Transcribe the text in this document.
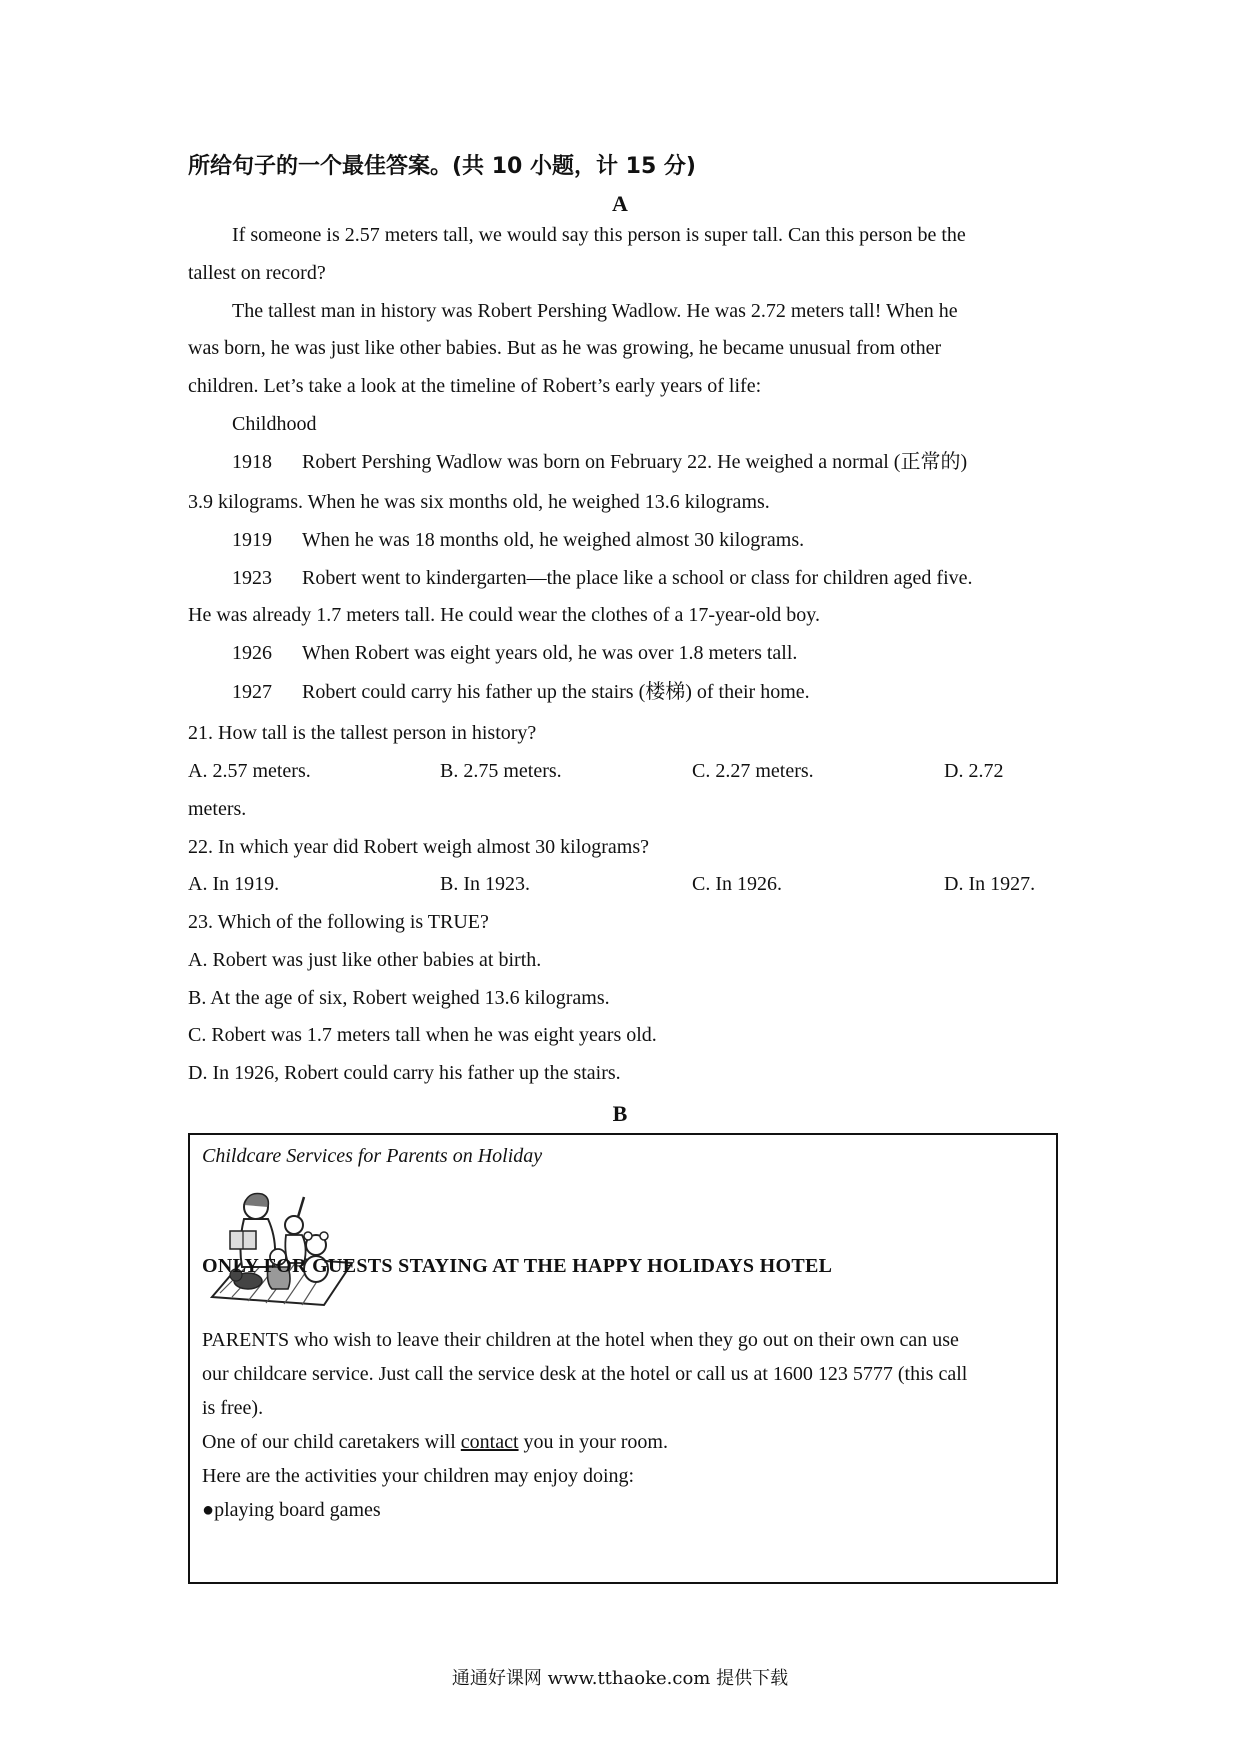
所给句子的一个最佳答案。(共 10 小题，计 15 分)
A
If someone is 2.57 meters tall, we would say this person is super tall. Can this person be the
tallest on record?
The tallest man in history was Robert Pershing Wadlow. He was 2.72 meters tall! When he
was born, he was just like other babies. But as he was growing, he became unusual from other
children. Let’s take a look at the timeline of Robert’s early years of life:
Childhood
1918 Robert Pershing Wadlow was born on February 22. He weighed a normal (正常的)
3.9 kilograms. When he was six months old, he weighed 13.6 kilograms.
1919 When he was 18 months old, he weighed almost 30 kilograms.
1923 Robert went to kindergarten—the place like a school or class for children aged five.
He was already 1.7 meters tall. He could wear the clothes of a 17-year-old boy.
1926 When Robert was eight years old, he was over 1.8 meters tall.
1927 Robert could carry his father up the stairs (楼梯) of their home.
21. How tall is the tallest person in history?
A. 2.57 meters.	B. 2.75 meters.	C. 2.27 meters.	D. 2.72
meters.
22. In which year did Robert weigh almost 30 kilograms?
A. In 1919.	B. In 1923.	C. In 1926.	D. In 1927.
23. Which of the following is TRUE?
A. Robert was just like other babies at birth.
B. At the age of six, Robert weighed 13.6 kilograms.
C. Robert was 1.7 meters tall when he was eight years old.
D. In 1926, Robert could carry his father up the stairs.
B
Childcare Services for Parents on Holiday
ONLY FOR GUESTS STAYING AT THE HAPPY HOLIDAYS HOTEL
PARENTS who wish to leave their children at the hotel when they go out on their own can use
our childcare service. Just call the service desk at the hotel or call us at 1600 123 5777 (this call
is free).
One of our child caretakers will contact you in your room.
Here are the activities your children may enjoy doing:
●playing board games
通通好课网 www.tthaoke.com 提供下载
